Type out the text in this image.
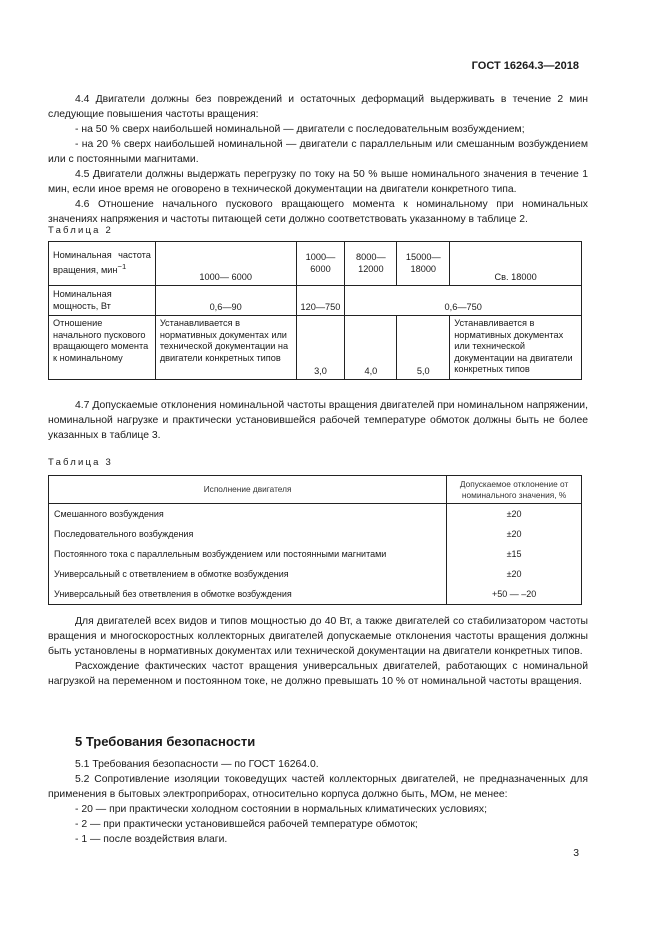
ГОСТ 16264.3—2018

4.4 Двигатели должны без повреждений и остаточных деформаций выдерживать в течение 2 мин следующие повышения частоты вращения:

- на 50 % сверх наибольшей номинальной — двигатели с последовательным возбуждением;

- на 20 % сверх наибольшей номинальной — двигатели с параллельным или смешанным возбуждением или с постоянными магнитами.

4.5 Двигатели должны выдержать перегрузку по току на 50 % выше номинального значения в течение 1 мин, если иное время не оговорено в технической документации на двигатели конкретного типа.

4.6 Отношение начального пускового вращающего момента к номинальному при номинальных значениях напряжения и частоты питающей сети должно соответствовать указанному в таблице 2.

Таблица 2
Номинальная частота вращения, мин$^{-1}$	1000— 6000	1000—6000	8000—12000	15000—18000	Св. 18000
Номинальная мощность, Вт	0,6—90	120—750	0,6—750		
Отношение начального пускового вращающего момента к номинальному	Устанавливается в нормативных документах или технической документации на двигатели конкретных типов	3,0	4,0	5,0	Устанавливается в нормативных документах или технической документации на двигатели конкретных типов

4.7 Допускаемые отклонения номинальной частоты вращения двигателей при номинальном напряжении, номинальной нагрузке и практически установившейся рабочей температуре обмоток должны быть не более указанных в таблице 3.

Таблица 3
Исполнение двигателя	Допускаемое отклонение от номинального значения, %
Смешанного возбуждения	±20
Последовательного возбуждения	±20
Постоянного тока с параллельным возбуждением или постоянными магнитами	±15
Универсальный с ответвлением в обмотке возбуждения	±20
Универсальный без ответвления в обмотке возбуждения	+50 — –20

Для двигателей всех видов и типов мощностью до 40 Вт, а также двигателей со стабилизатором частоты вращения и многоскоростных коллекторных двигателей допускаемые отклонения частоты вращения должны быть установлены в нормативных документах или технической документации на двигатели конкретных типов.

Расхождение фактических частот вращения универсальных двигателей, работающих с номинальной нагрузкой на переменном и постоянном токе, не должно превышать 10 % от номинальной частоты вращения.

5 Требования безопасности

5.1 Требования безопасности — по ГОСТ 16264.0.

5.2 Сопротивление изоляции токоведущих частей коллекторных двигателей, не предназначенных для применения в бытовых электроприборах, относительно корпуса должно быть, МОм, не менее:

- 20 — при практически холодном состоянии в нормальных климатических условиях;

- 2 — при практически установившейся рабочей температуре обмоток;

- 1 — после воздействия влаги.

3
